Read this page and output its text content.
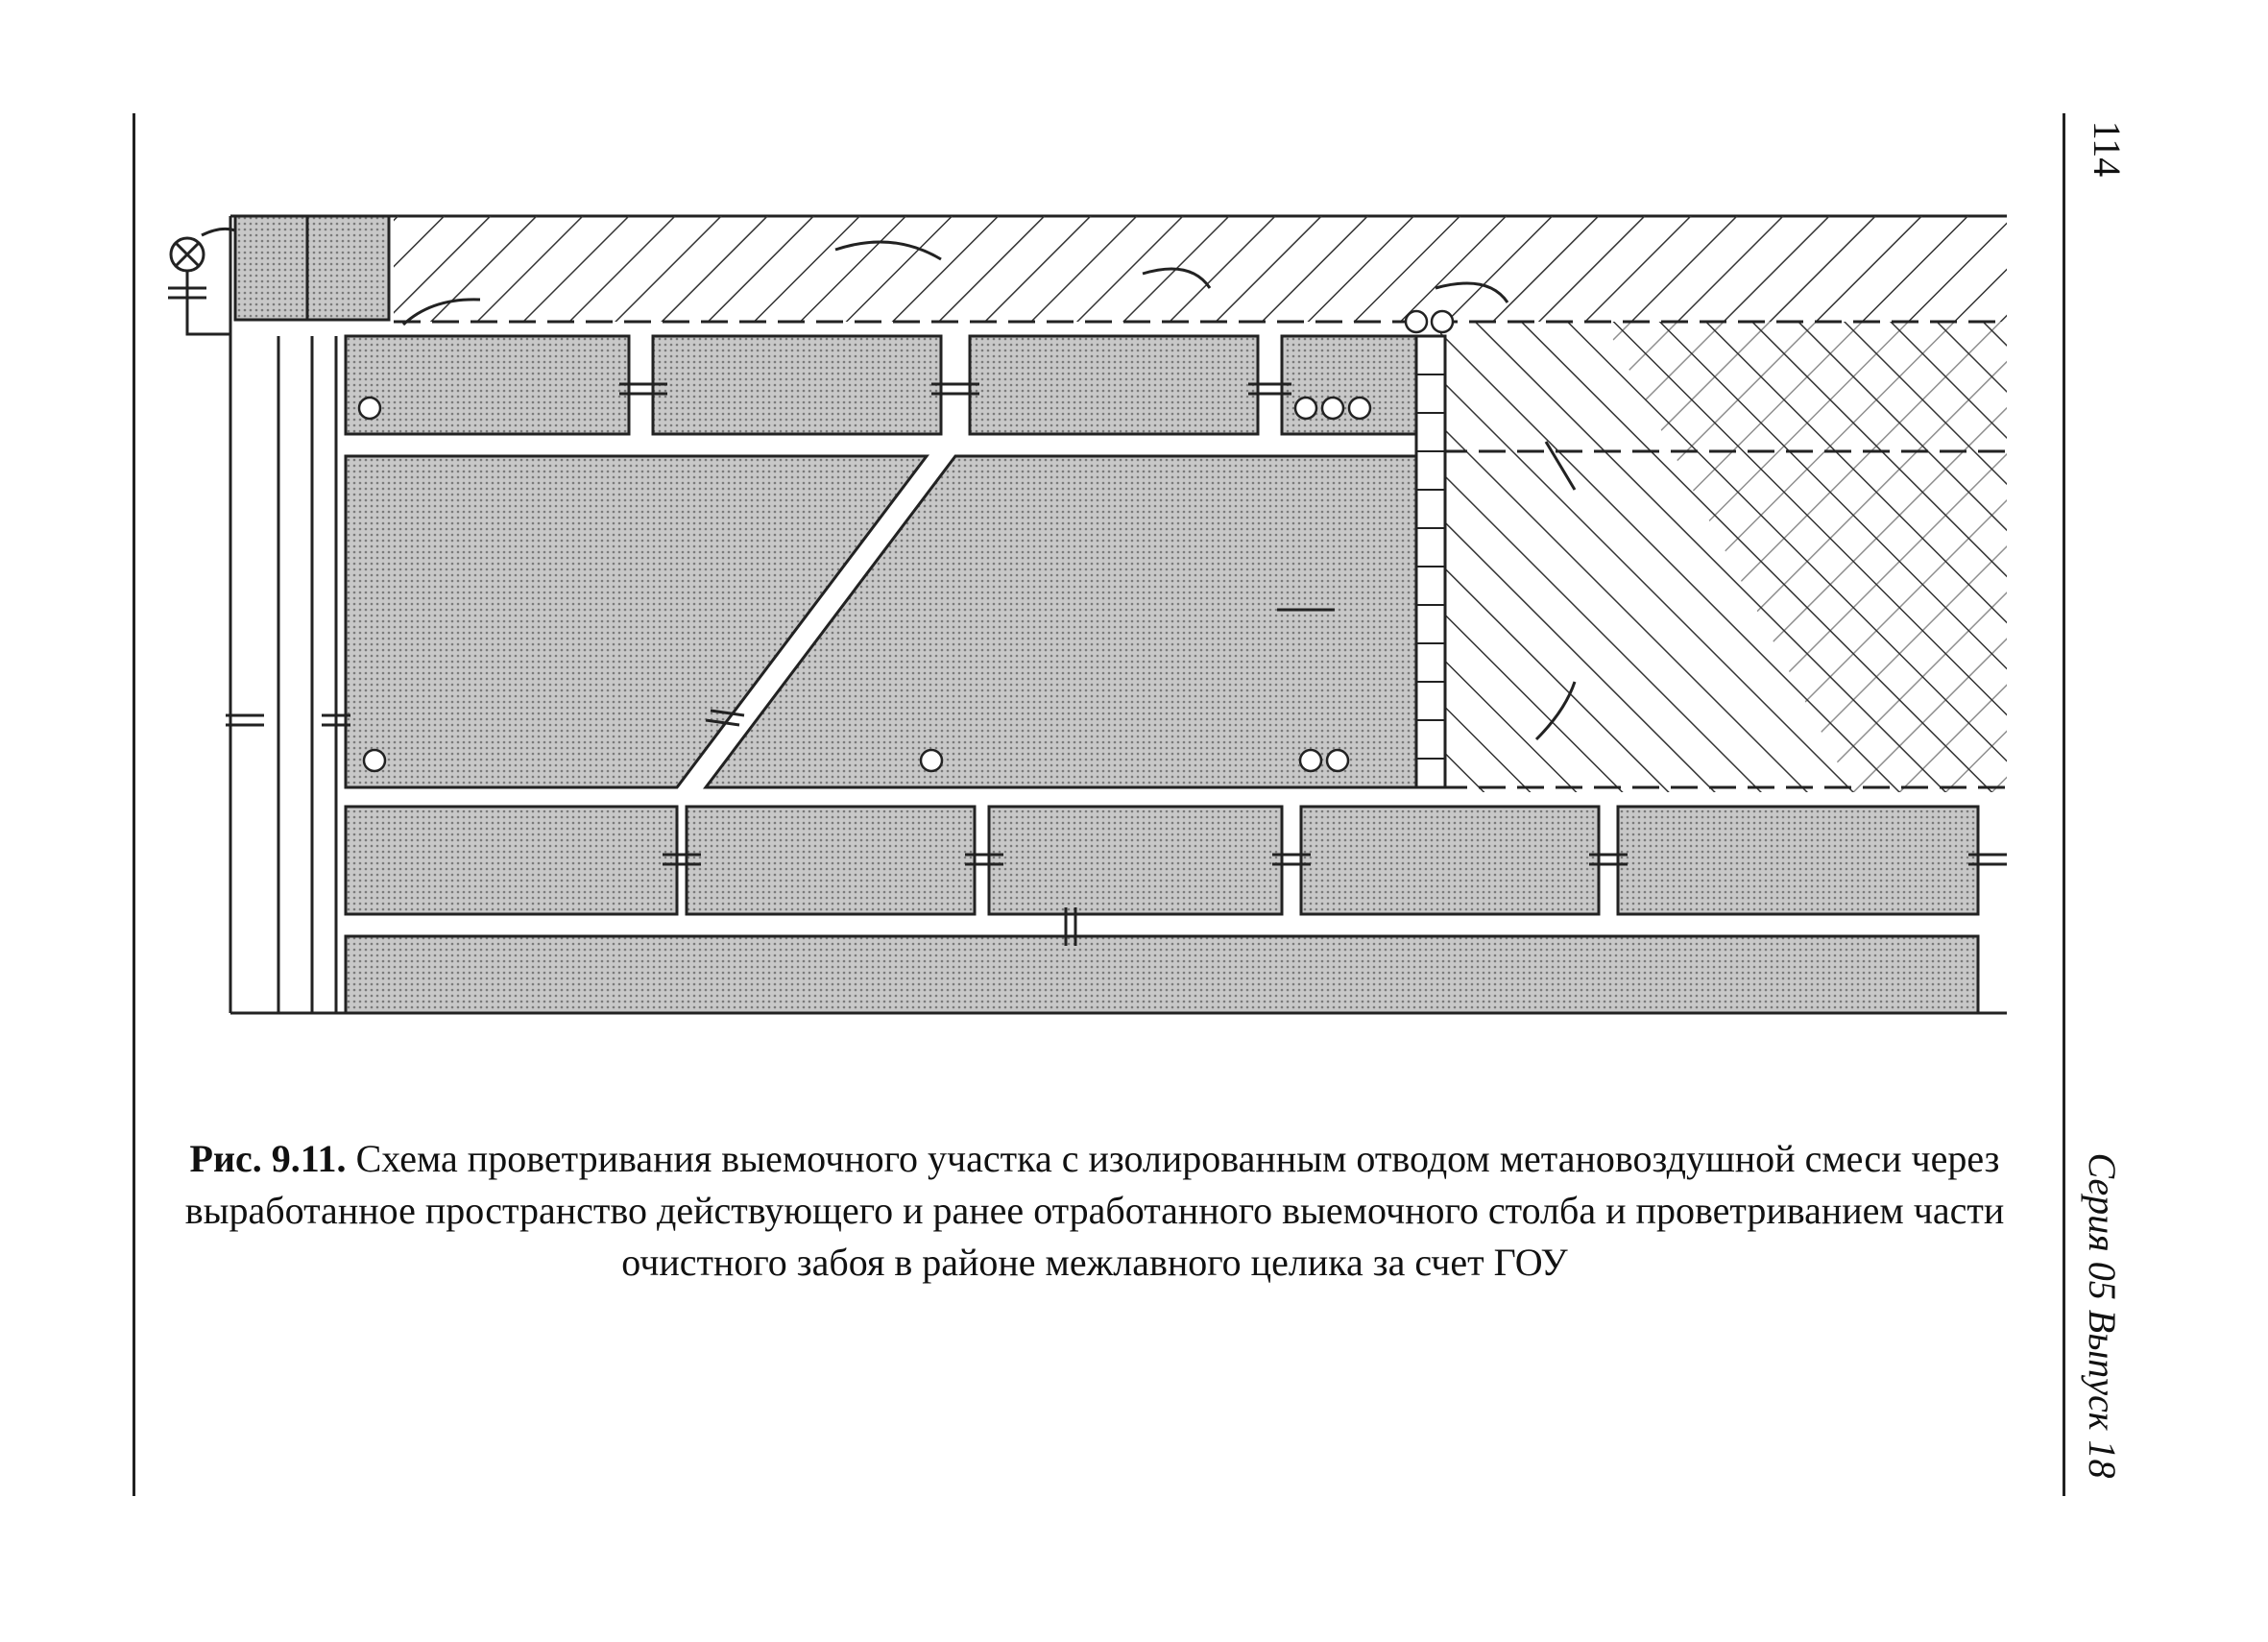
Рис. 9.11. Схема проветривания выемочного участка с изолированным отводом метановоздушной смеси через выработанное пространство действующего и ранее отработанного выемочного столба и проветриванием части очистного забоя в районе межлавного целика за счет ГОУ
114
Серия 05 Выпуск 18
